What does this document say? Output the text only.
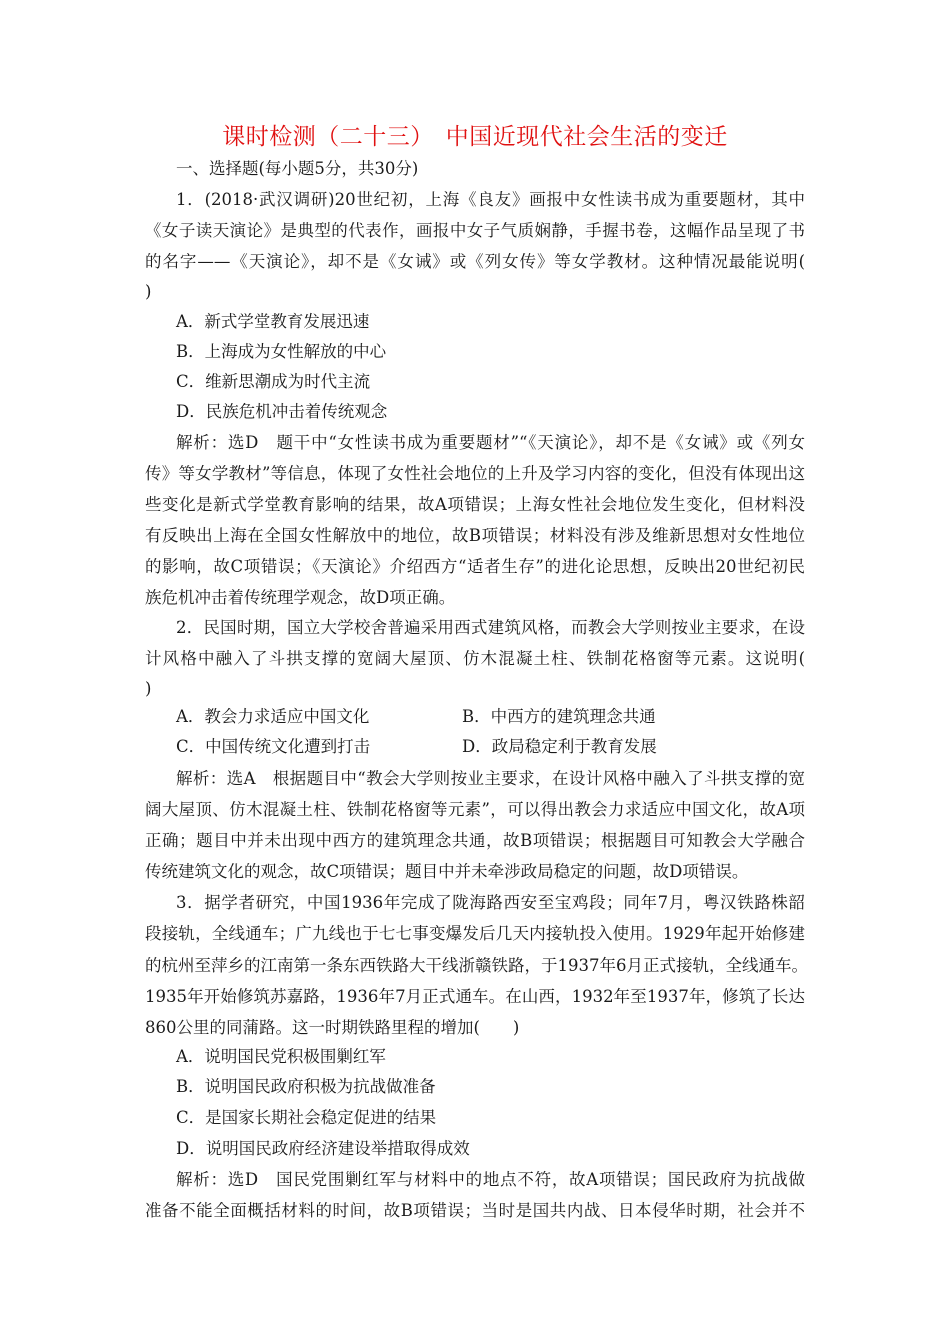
课时检测（二十三）　中国近现代社会生活的变迁
一、选择题(每小题5分，共30分)
1．(2018·武汉调研)20世纪初，上海《良友》画报中女性读书成为重要题材，其中
《女子读天演论》是典型的代表作，画报中女子气质娴静，手握书卷，这幅作品呈现了书
的名字——《天演论》，却不是《女诫》或《列女传》等女学教材。这种情况最能说明(　　
)
A．新式学堂教育发展迅速
B．上海成为女性解放的中心
C．维新思潮成为时代主流
D．民族危机冲击着传统观念
解析：选D　题干中“女性读书成为重要题材”“《天演论》，却不是《女诫》或《列女
传》等女学教材”等信息，体现了女性社会地位的上升及学习内容的变化，但没有体现出这
些变化是新式学堂教育影响的结果，故A项错误；上海女性社会地位发生变化，但材料没
有反映出上海在全国女性解放中的地位，故B项错误；材料没有涉及维新思想对女性地位
的影响，故C项错误；《天演论》介绍西方“适者生存”的进化论思想，反映出20世纪初民
族危机冲击着传统理学观念，故D项正确。
2．民国时期，国立大学校舍普遍采用西式建筑风格，而教会大学则按业主要求，在设
计风格中融入了斗拱支撑的宽阔大屋顶、仿木混凝土柱、铁制花格窗等元素。这说明(　　
)
A．教会力求适应中国文化	B．中西方的建筑理念共通
C．中国传统文化遭到打击	D．政局稳定利于教育发展
解析：选A　根据题目中“教会大学则按业主要求，在设计风格中融入了斗拱支撑的宽
阔大屋顶、仿木混凝土柱、铁制花格窗等元素”，可以得出教会力求适应中国文化，故A项
正确；题目中并未出现中西方的建筑理念共通，故B项错误；根据题目可知教会大学融合
传统建筑文化的观念，故C项错误；题目中并未牵涉政局稳定的问题，故D项错误。
3．据学者研究，中国1936年完成了陇海路西安至宝鸡段；同年7月，粤汉铁路株韶
段接轨，全线通车；广九线也于七七事变爆发后几天内接轨投入使用。1929年起开始修建
的杭州至萍乡的江南第一条东西铁路大干线浙赣铁路，于1937年6月正式接轨，全线通车。
1935年开始修筑苏嘉路，1936年7月正式通车。在山西，1932年至1937年，修筑了长达
860公里的同蒲路。这一时期铁路里程的增加(　　)
A．说明国民党积极围剿红军
B．说明国民政府积极为抗战做准备
C．是国家长期社会稳定促进的结果
D．说明国民政府经济建设举措取得成效
解析：选D　国民党围剿红军与材料中的地点不符，故A项错误；国民政府为抗战做
准备不能全面概括材料的时间，故B项错误；当时是国共内战、日本侵华时期，社会并不
